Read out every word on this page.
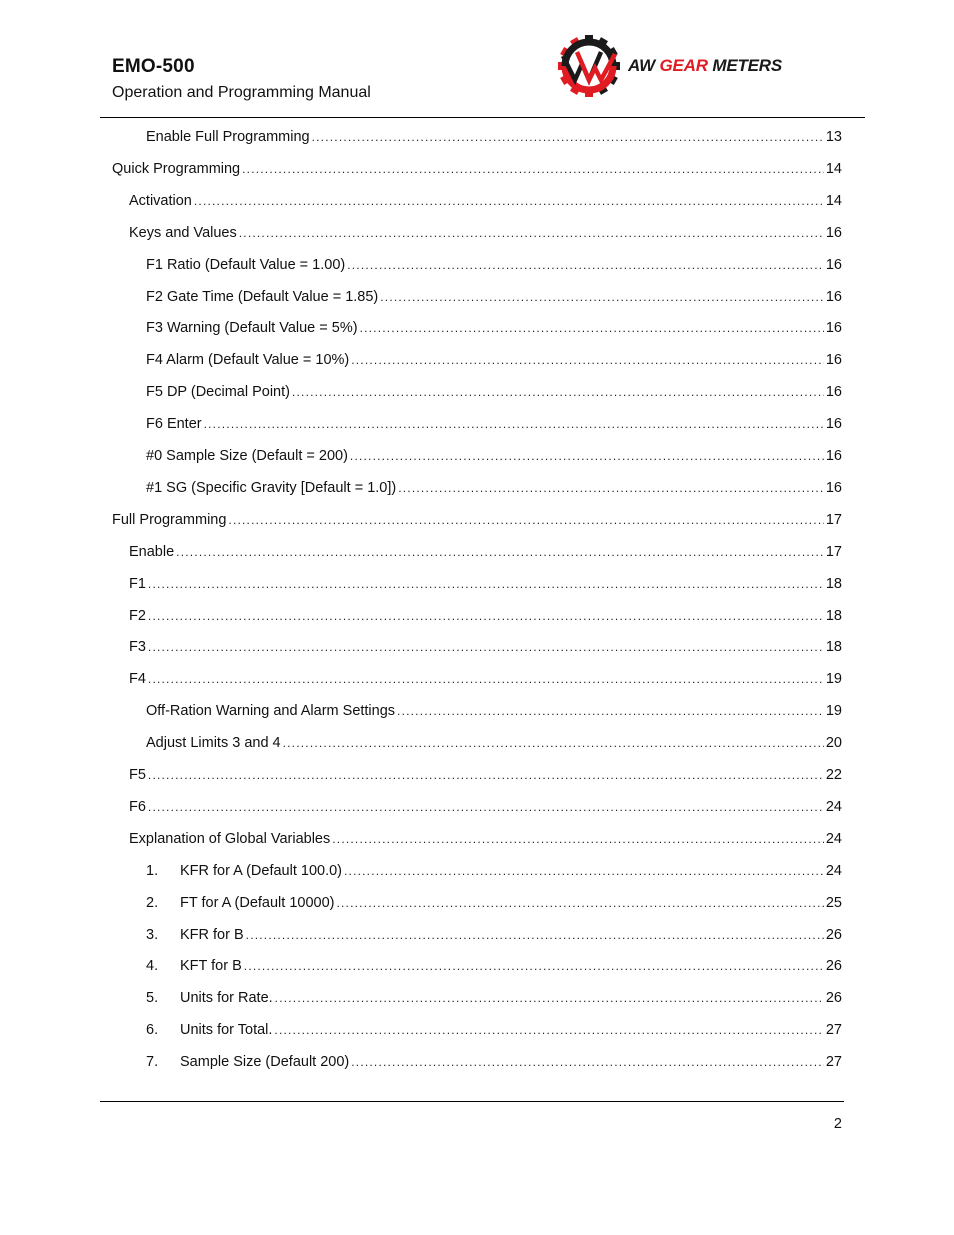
EMO-500
Operation and Programming Manual
AW GEAR METERS
Enable Full Programming .....	13
Quick Programming .....	14
Activation .....	14
Keys and Values .....	16
F1 Ratio (Default Value = 1.00) .....	16
F2 Gate Time (Default Value = 1.85) .....	16
F3 Warning (Default Value = 5%) .....	16
F4 Alarm (Default Value = 10%) .....	16
F5 DP (Decimal Point) .....	16
F6 Enter .....	16
#0 Sample Size (Default = 200) .....	16
#1 SG (Specific Gravity [Default = 1.0]) .....	16
Full Programming .....	17
Enable .....	17
F1 .....	18
F2 .....	18
F3 .....	18
F4 .....	19
Off-Ration Warning and Alarm Settings .....	19
Adjust Limits 3 and 4 .....	20
F5 .....	22
F6 .....	24
Explanation of Global Variables .....	24
1. KFR for A (Default 100.0) .....	24
2. FT for A (Default 10000) .....	25
3. KFR for B .....	26
4. KFT for B .....	26
5. Units for Rate. .....	26
6. Units for Total. .....	27
7. Sample Size (Default 200) .....	27
2
